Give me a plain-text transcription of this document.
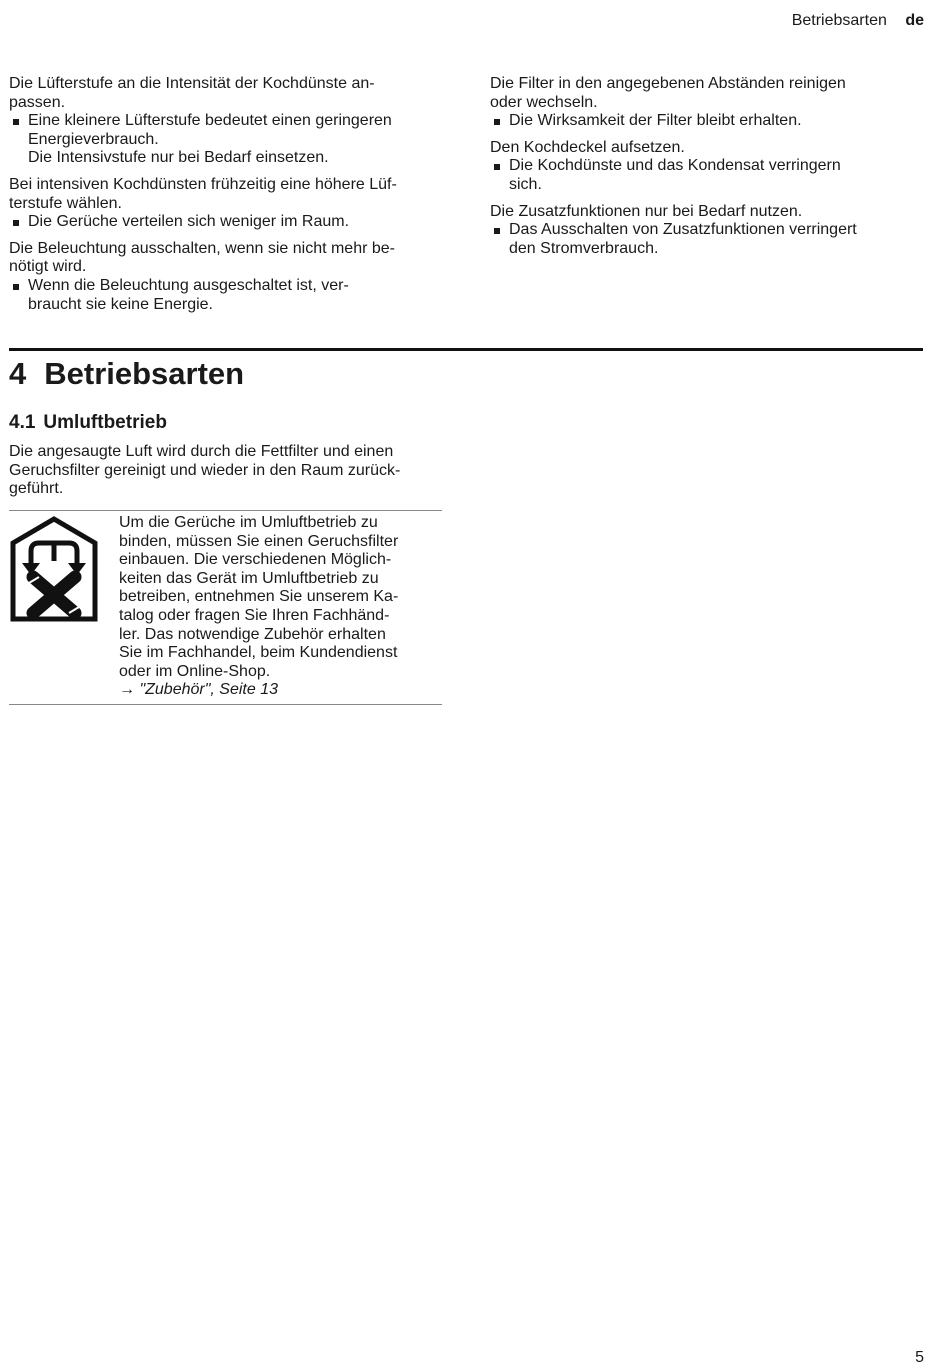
Betriebsarten de

Die Lüfterstufe an die Intensität der Kochdünste an-
passen.

Eine kleinere Lüfterstufe bedeutet einen geringeren
Energieverbrauch.
Die Intensivstufe nur bei Bedarf einsetzen.

Bei intensiven Kochdünsten frühzeitig eine höhere Lüf-
terstufe wählen.

Die Gerüche verteilen sich weniger im Raum.

Die Beleuchtung ausschalten, wenn sie nicht mehr be-
nötigt wird.

Wenn die Beleuchtung ausgeschaltet ist, ver-
braucht sie keine Energie.

Die Filter in den angegebenen Abständen reinigen
oder wechseln.

Die Wirksamkeit der Filter bleibt erhalten.

Den Kochdeckel aufsetzen.

Die Kochdünste und das Kondensat verringern
sich.

Die Zusatzfunktionen nur bei Bedarf nutzen.

Das Ausschalten von Zusatzfunktionen verringert
den Stromverbrauch.

4 Betriebsarten
4.1 Umluftbetrieb

Die angesaugte Luft wird durch die Fettfilter und einen
Geruchsfilter gereinigt und wieder in den Raum zurück-
geführt.

Um die Gerüche im Umluftbetrieb zu
binden, müssen Sie einen Geruchsfilter
einbauen. Die verschiedenen Möglich-
keiten das Gerät im Umluftbetrieb zu
betreiben, entnehmen Sie unserem Ka-
talog oder fragen Sie Ihren Fachhänd-
ler. Das notwendige Zubehör erhalten
Sie im Fachhandel, beim Kundendienst
oder im Online-Shop.
→ "Zubehör", Seite 13

5
